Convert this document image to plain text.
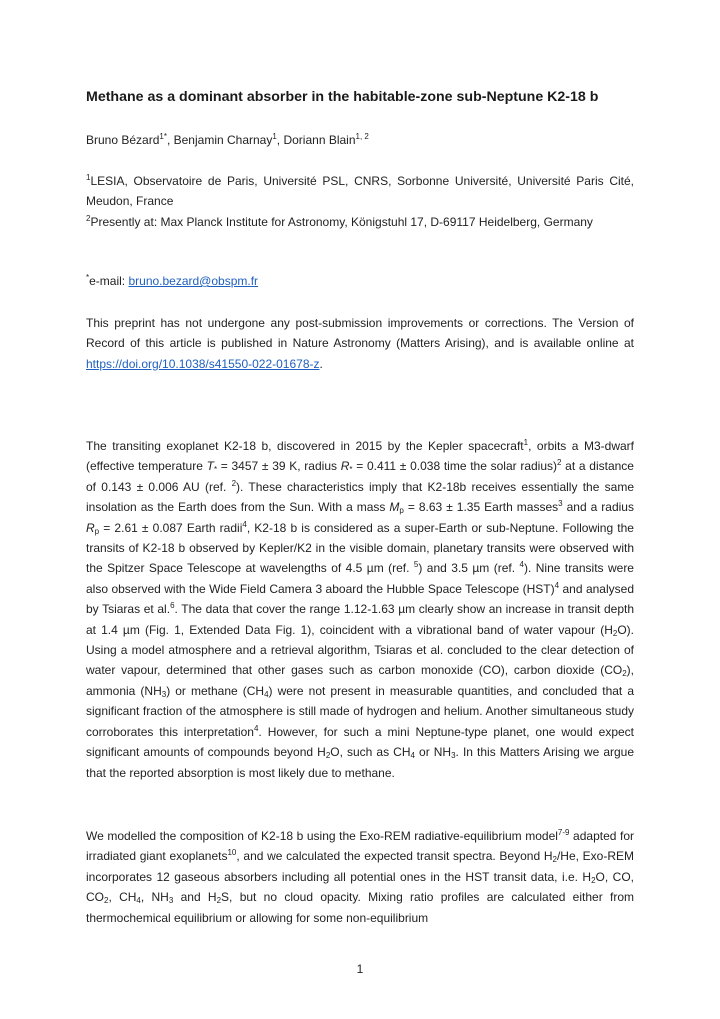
Methane as a dominant absorber in the habitable-zone sub-Neptune K2-18 b
Bruno Bézard$^{1*}$, Benjamin Charnay$^1$, Doriann Blain$^{1, 2}$
$^1$LESIA, Observatoire de Paris, Université PSL, CNRS, Sorbonne Université, Université Paris Cité, Meudon, France
$^2$Presently at: Max Planck Institute for Astronomy, Königstuhl 17, D-69117 Heidelberg, Germany
*e-mail: bruno.bezard@obspm.fr
This preprint has not undergone any post-submission improvements or corrections. The Version of Record of this article is published in Nature Astronomy (Matters Arising), and is available online at https://doi.org/10.1038/s41550-022-01678-z.
The transiting exoplanet K2-18 b, discovered in 2015 by the Kepler spacecraft$^1$, orbits a M3-dwarf (effective temperature $T_* = 3457 \pm 39$ K, radius $R_* = 0.411 \pm 0.038$ time the solar radius)$^2$ at a distance of 0.143 ± 0.006 AU (ref. $^2$). These characteristics imply that K2-18b receives essentially the same insolation as the Earth does from the Sun. With a mass $M_p = 8.63 \pm 1.35$ Earth masses$^3$ and a radius $R_p = 2.61 \pm 0.087$ Earth radii$^4$, K2-18 b is considered as a super-Earth or sub-Neptune. Following the transits of K2-18 b observed by Kepler/K2 in the visible domain, planetary transits were observed with the Spitzer Space Telescope at wavelengths of 4.5 µm (ref. $^5$) and 3.5 µm (ref. $^4$). Nine transits were also observed with the Wide Field Camera 3 aboard the Hubble Space Telescope (HST)$^4$ and analysed by Tsiaras et al.$^6$. The data that cover the range 1.12-1.63 µm clearly show an increase in transit depth at 1.4 µm (Fig. 1, Extended Data Fig. 1), coincident with a vibrational band of water vapour $(H_2O)$. Using a model atmosphere and a retrieval algorithm, Tsiaras et al. concluded to the clear detection of water vapour, determined that other gases such as carbon monoxide (CO), carbon dioxide $(CO_2)$, ammonia $(NH_3)$ or methane $(CH_4)$ were not present in measurable quantities, and concluded that a significant fraction of the atmosphere is still made of hydrogen and helium. Another simultaneous study corroborates this interpretation$^4$. However, for such a mini Neptune-type planet, one would expect significant amounts of compounds beyond $H_2O$, such as $CH_4$ or $NH_3$. In this Matters Arising we argue that the reported absorption is most likely due to methane.
We modelled the composition of K2-18 b using the Exo-REM radiative-equilibrium model$^{7-9}$ adapted for irradiated giant exoplanets$^{10}$, and we calculated the expected transit spectra. Beyond $H_2/He$, Exo-REM incorporates 12 gaseous absorbers including all potential ones in the HST transit data, i.e. $H_2O$, CO, $CO_2$, $CH_4$, $NH_3$ and $H_2S$, but no cloud opacity. Mixing ratio profiles are calculated either from thermochemical equilibrium or allowing for some non-equilibrium
1
